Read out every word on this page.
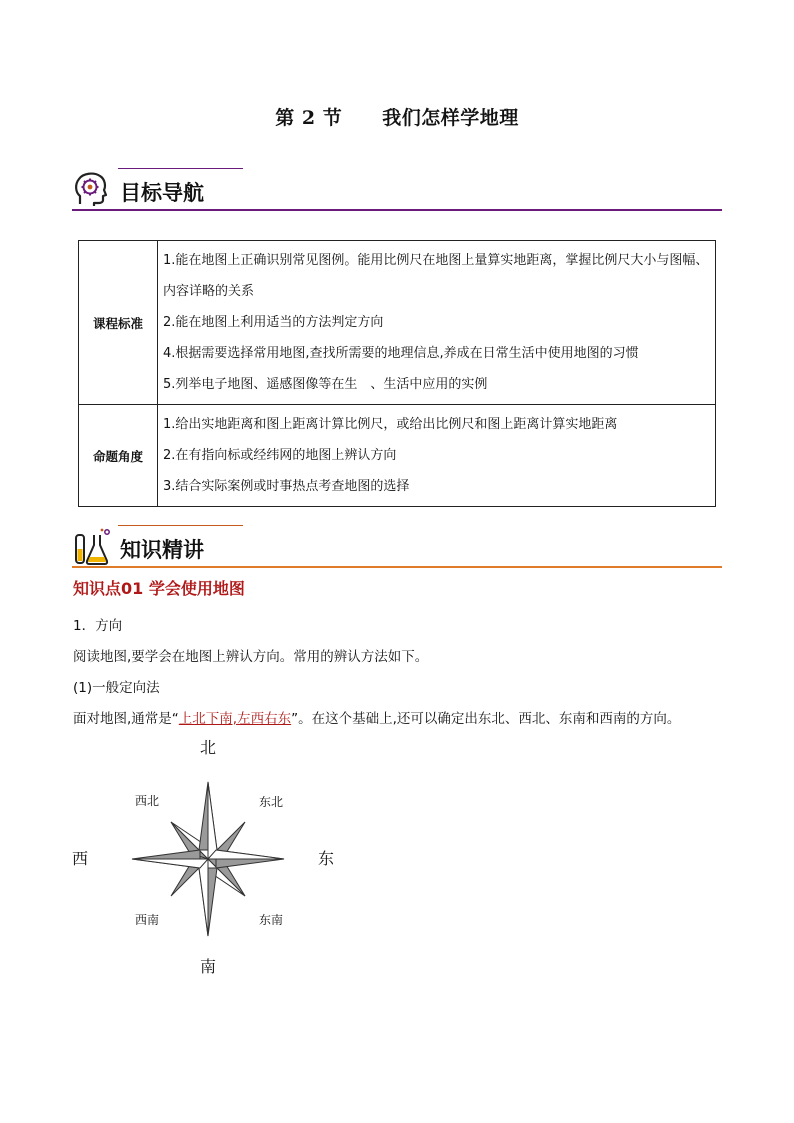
第 2 节 我们怎样学地理
目标导航
课程标准	1.能在地图上正确识别常见图例。能用比例尺在地图上量算实地距离，掌握比例尺大小与图幅、内容详略的关系
2.能在地图上利用适当的方法判定方向
4.根据需要选择常用地图,查找所需要的地理信息,养成在日常生活中使用地图的习惯
5.列举电子地图、遥感图像等在生　、生活中应用的实例

命题角度	1.给出实地距离和图上距离计算比例尺，或给出比例尺和图上距离计算实地距离
2.在有指向标或经纬网的地图上辨认方向
3.结合实际案例或时事热点考查地图的选择
知识精讲
知识点01 学会使用地图
1．方向
阅读地图,要学会在地图上辨认方向。常用的辨认方法如下。
(1)一般定向法
面对地图,通常是“上北下南,左西右东”。在这个基础上,还可以确定出东北、西北、东南和西南的方向。
北
南
西	东
西北	东北
西南	东南
